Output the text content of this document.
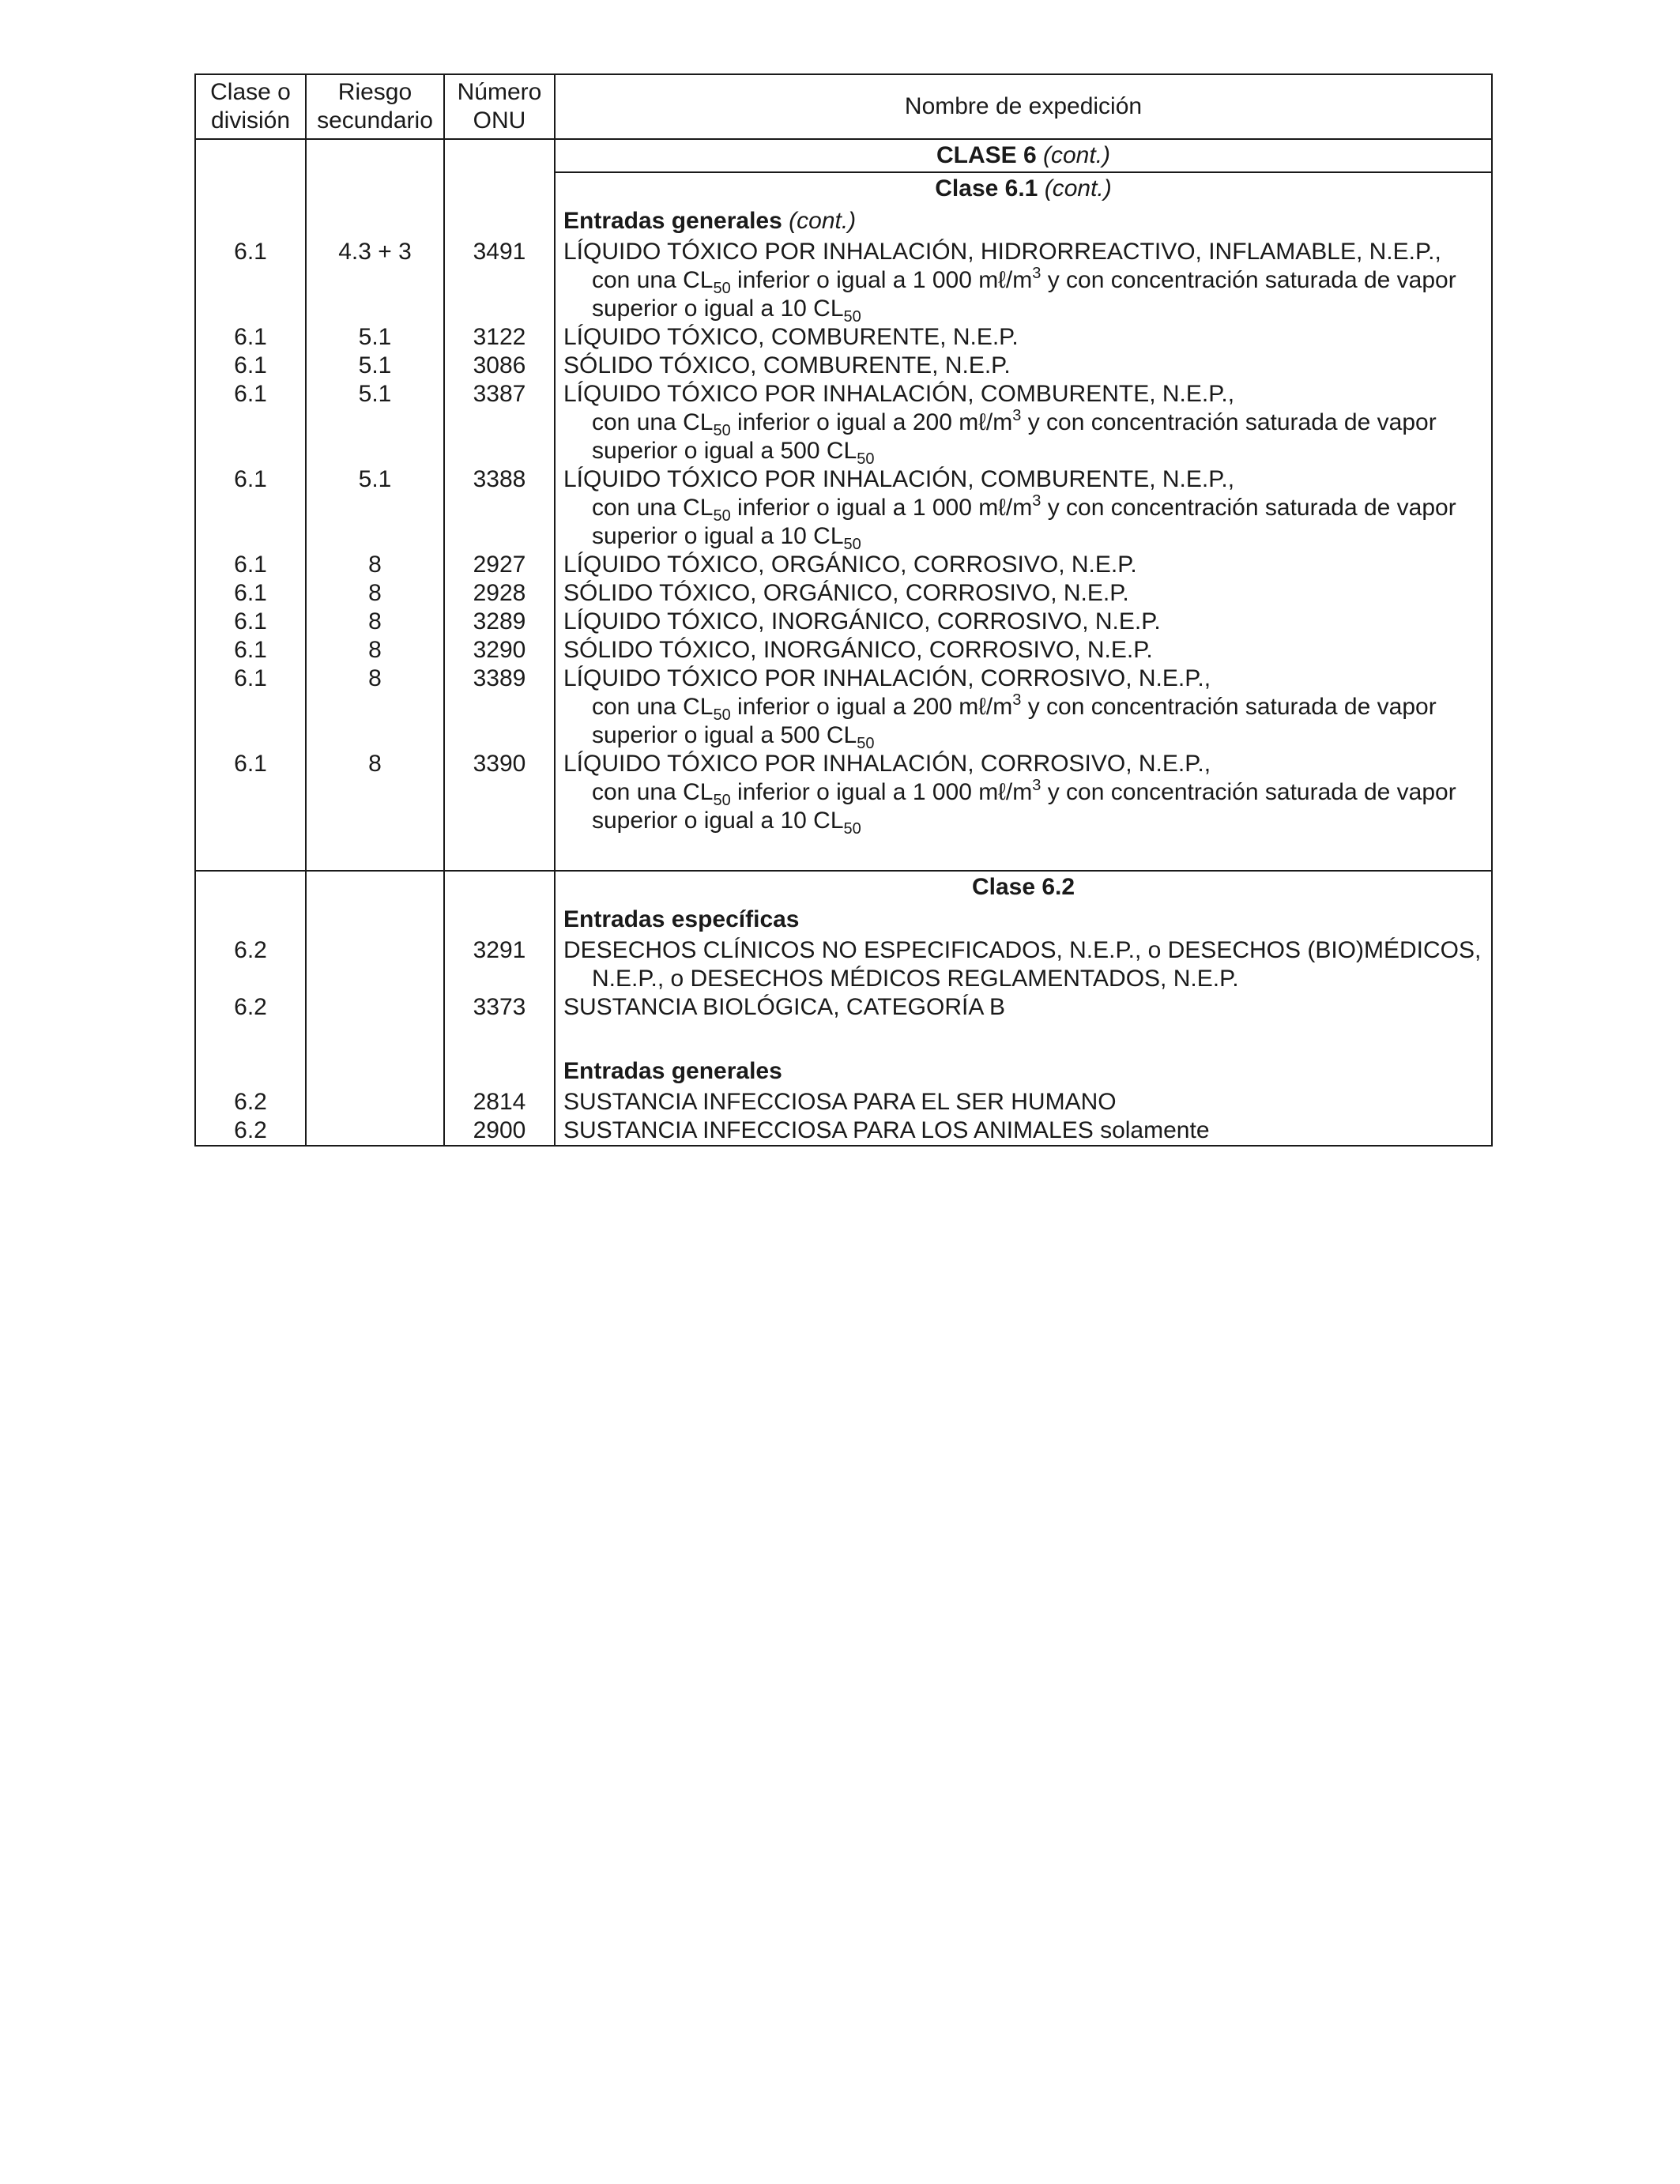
Clase o división	Riesgo secundario	Número ONU	Nombre de expedición

			CLASE 6 (cont.)
Clase 6.1 (cont.)

			Entradas generales (cont.)

6.1	4.3 + 3	3491	LÍQUIDO TÓXICO POR INHALACIÓN, HIDRORREACTIVO, INFLAMABLE, N.E.P.,
con una $CL_{50}$ inferior o igual a 1 000 $m\ell/m^3$ y con concentración saturada de vapor
superior o igual a 10 $CL_{50}$

6.1	5.1	3122	LÍQUIDO TÓXICO, COMBURENTE, N.E.P.

6.1	5.1	3086	SÓLIDO TÓXICO, COMBURENTE, N.E.P.

6.1	5.1	3387	LÍQUIDO TÓXICO POR INHALACIÓN, COMBURENTE, N.E.P.,
con una $CL_{50}$ inferior o igual a 200 $m\ell/m^3$ y con concentración saturada de vapor
superior o igual a 500 $CL_{50}$

6.1	5.1	3388	LÍQUIDO TÓXICO POR INHALACIÓN, COMBURENTE, N.E.P.,
con una $CL_{50}$ inferior o igual a 1 000 $m\ell/m^3$ y con concentración saturada de vapor
superior o igual a 10 $CL_{50}$

6.1	8	2927	LÍQUIDO TÓXICO, ORGÁNICO, CORROSIVO, N.E.P.

6.1	8	2928	SÓLIDO TÓXICO, ORGÁNICO, CORROSIVO, N.E.P.

6.1	8	3289	LÍQUIDO TÓXICO, INORGÁNICO, CORROSIVO, N.E.P.

6.1	8	3290	SÓLIDO TÓXICO, INORGÁNICO, CORROSIVO, N.E.P.

6.1	8	3389	LÍQUIDO TÓXICO POR INHALACIÓN, CORROSIVO, N.E.P.,
con una $CL_{50}$ inferior o igual a 200 $m\ell/m^3$ y con concentración saturada de vapor
superior o igual a 500 $CL_{50}$

6.1	8	3390	LÍQUIDO TÓXICO POR INHALACIÓN, CORROSIVO, N.E.P.,
con una $CL_{50}$ inferior o igual a 1 000 $m\ell/m^3$ y con concentración saturada de vapor
superior o igual a 10 $CL_{50}$

			Clase 6.2

			Entradas específicas

6.2		3291	DESECHOS CLÍNICOS NO ESPECIFICADOS, N.E.P., o DESECHOS (BIO)MÉDICOS,
N.E.P., o DESECHOS MÉDICOS REGLAMENTADOS, N.E.P.

6.2		3373	SUSTANCIA BIOLÓGICA, CATEGORÍA B

			Entradas generales

6.2		2814	SUSTANCIA INFECCIOSA PARA EL SER HUMANO

6.2		2900	SUSTANCIA INFECCIOSA PARA LOS ANIMALES solamente
